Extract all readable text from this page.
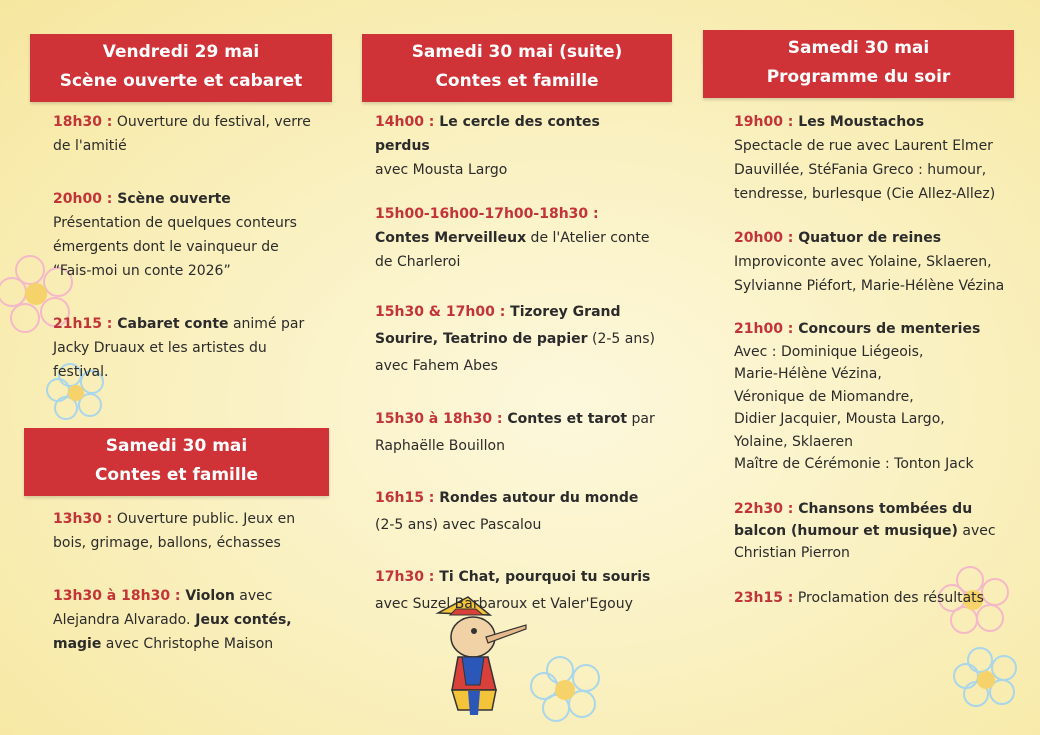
Vendredi 29 mai
Scène ouverte et cabaret

18h30 : Ouverture du festival, verre de l'amitié

20h00 : Scène ouverte
Présentation de quelques conteurs émergents dont le vainqueur de “Fais-moi un conte 2026”

21h15 : Cabaret conte animé par Jacky Druaux et les artistes du festival.

Samedi 30 mai
Contes et famille

13h30 : Ouverture public. Jeux en bois, grimage, ballons, échasses

13h30 à 18h30 : Violon avec Alejandra Alvarado. Jeux contés, magie avec Christophe Maison

Samedi 30 mai (suite)
Contes et famille

14h00 : Le cercle des contes perdus
avec Mousta Largo

15h00-16h00-17h00-18h30 : Contes Merveilleux de l'Atelier conte de Charleroi

15h30 & 17h00 : Tizorey Grand Sourire, Teatrino de papier (2-5 ans) avec Fahem Abes

15h30 à 18h30 : Contes et tarot par Raphaëlle Bouillon

16h15 : Rondes autour du monde
(2-5 ans) avec Pascalou

17h30 : Ti Chat, pourquoi tu souris
avec Suzel Barbaroux et Valer'Egouy

Samedi 30 mai
Programme du soir

19h00 : Les Moustachos
Spectacle de rue avec Laurent Elmer Dauvillée, StéFania Greco : humour, tendresse, burlesque (Cie Allez-Allez)

20h00 : Quatuor de reines
Improviconte avec Yolaine, Sklaeren, Sylvianne Piéfort, Marie-Hélène Vézina

21h00 : Concours de menteries
Avec : Dominique Liégeois,
Marie-Hélène Vézina,
Véronique de Miomandre,
Didier Jacquier, Mousta Largo,
Yolaine, Sklaeren
Maître de Cérémonie : Tonton Jack

22h30 : Chansons tombées du balcon (humour et musique) avec Christian Pierron

23h15 : Proclamation des résultats
